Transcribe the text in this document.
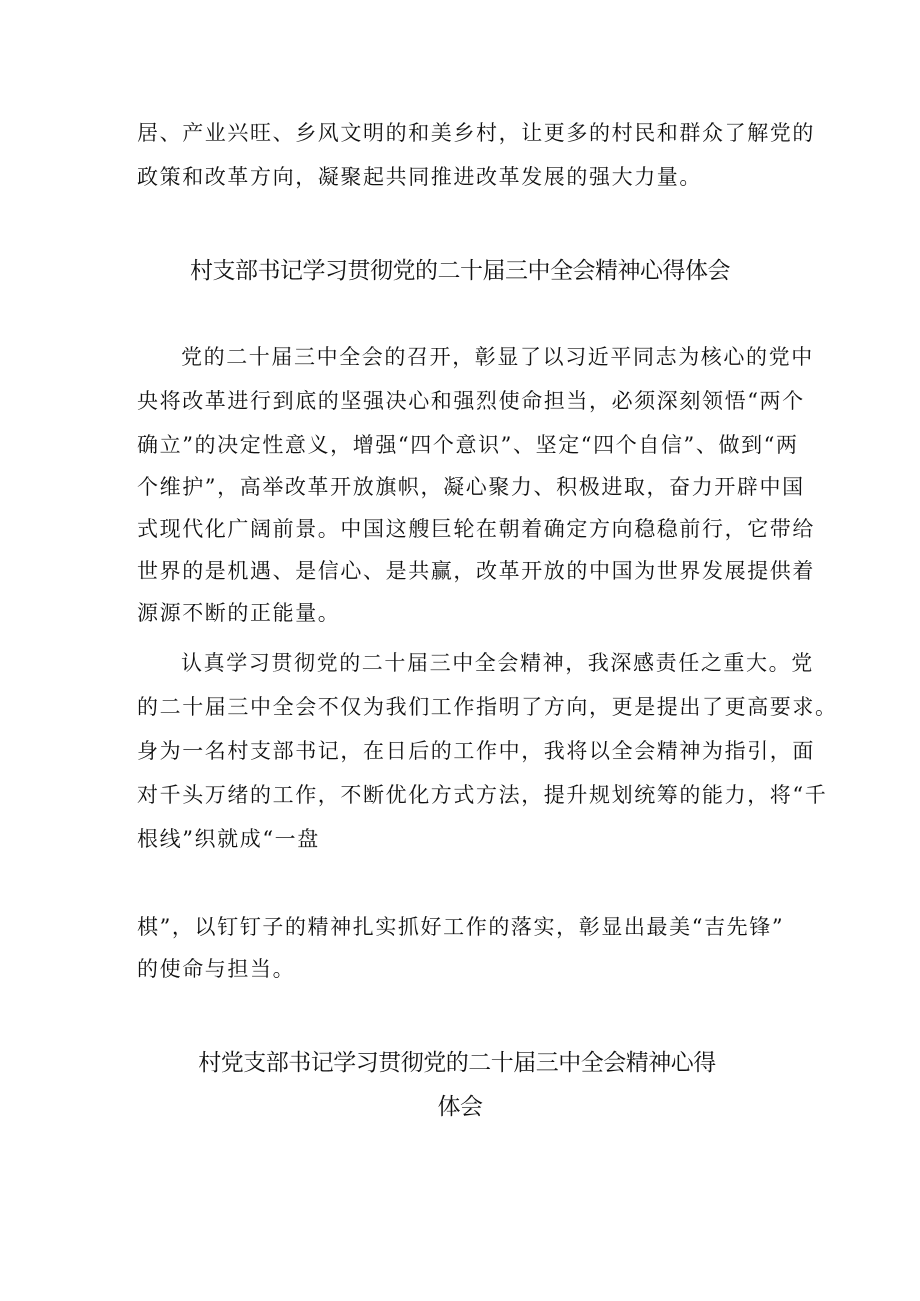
居、产业兴旺、乡风文明的和美乡村，让更多的村民和群众了解党的
政策和改革方向，凝聚起共同推进改革发展的强大力量。
村支部书记学习贯彻党的二十届三中全会精神心得体会
党的二十届三中全会的召开，彰显了以习近平同志为核心的党中
央将改革进行到底的坚强决心和强烈使命担当，必须深刻领悟“两个
确立”的决定性意义，增强“四个意识”、坚定“四个自信”、做到“两
个维护”，高举改革开放旗帜，凝心聚力、积极进取，奋力开辟中国
式现代化广阔前景。中国这艘巨轮在朝着确定方向稳稳前行，它带给
世界的是机遇、是信心、是共赢，改革开放的中国为世界发展提供着
源源不断的正能量。
认真学习贯彻党的二十届三中全会精神，我深感责任之重大。党
的二十届三中全会不仅为我们工作指明了方向，更是提出了更高要求。
身为一名村支部书记，在日后的工作中，我将以全会精神为指引，面
对千头万绪的工作，不断优化方式方法，提升规划统筹的能力，将“千
根线”织就成“一盘
棋”，以钉钉子的精神扎实抓好工作的落实，彰显出最美“吉先锋”
的使命与担当。
村党支部书记学习贯彻党的二十届三中全会精神心得
体会
